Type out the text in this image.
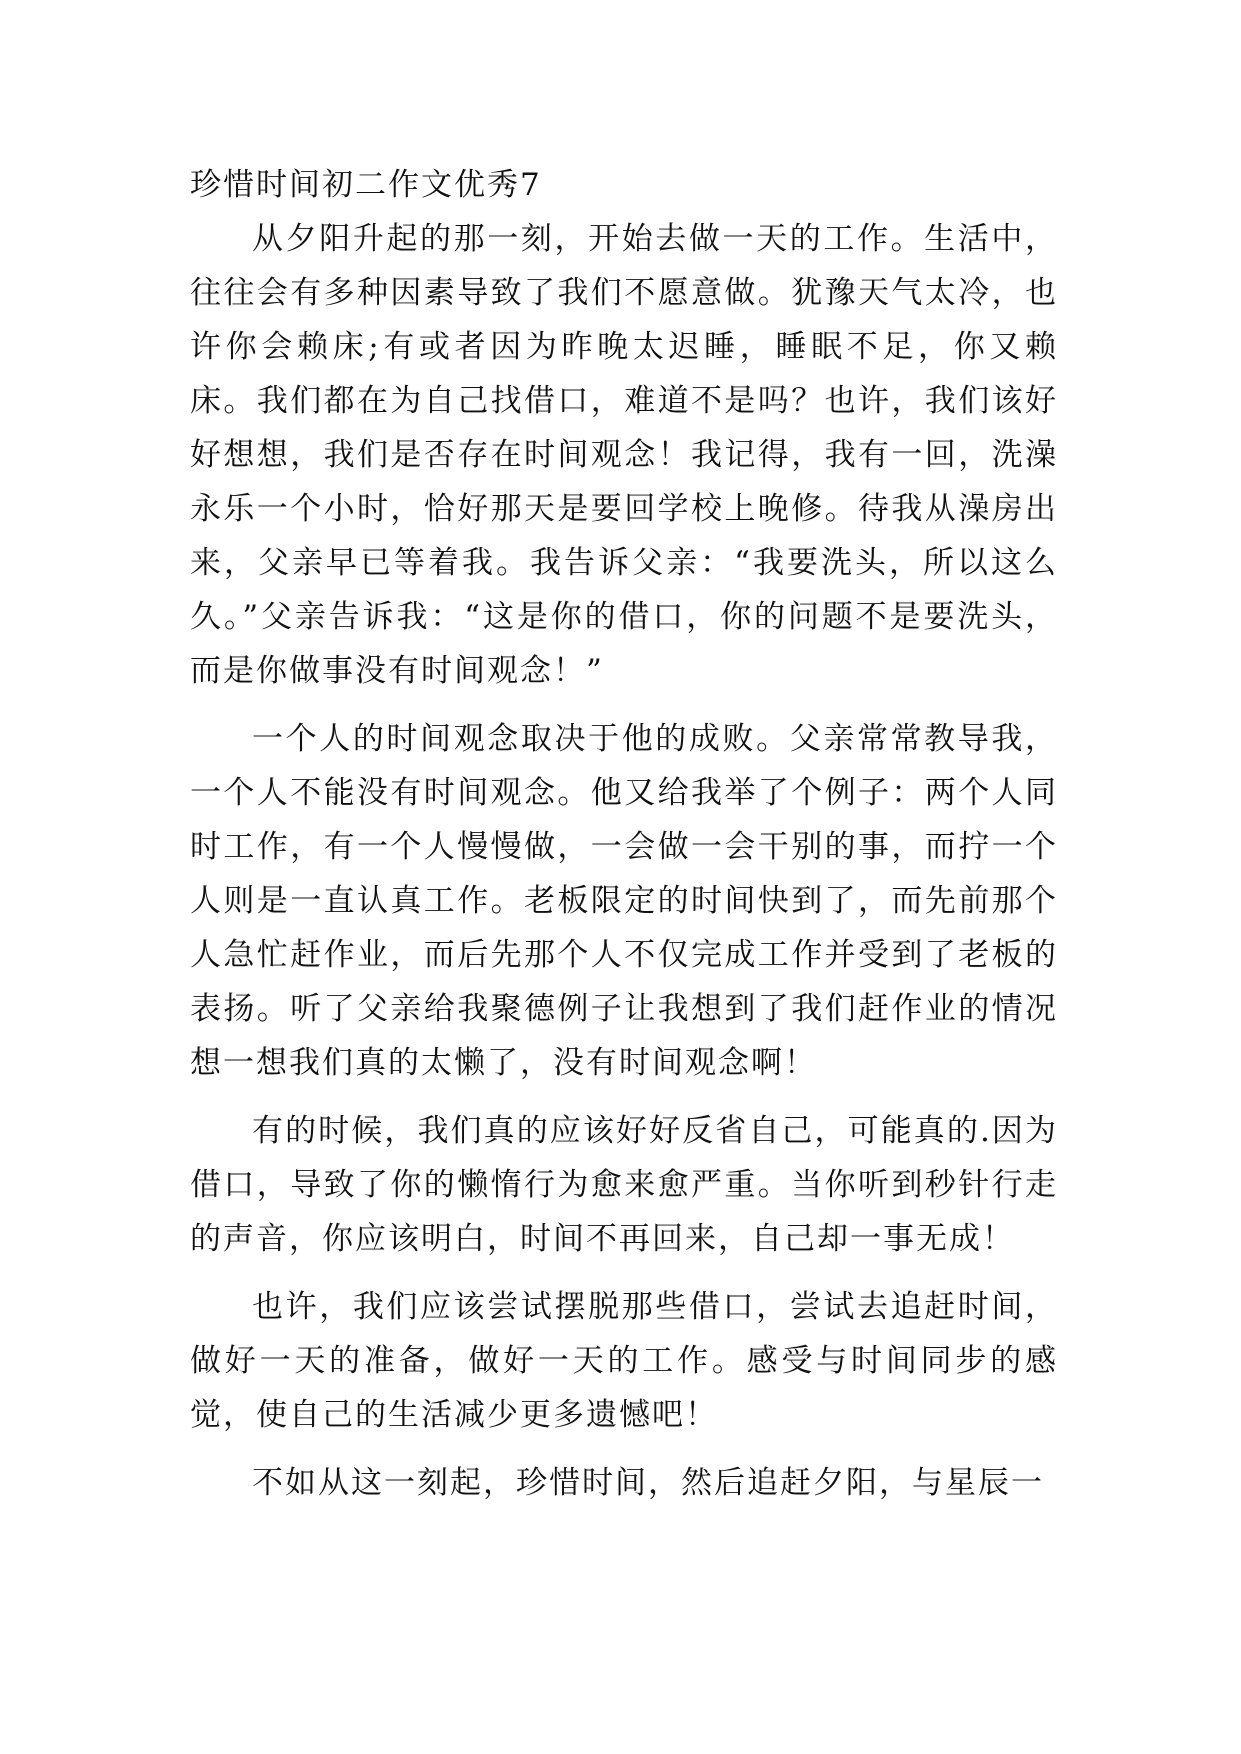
珍惜时间初二作文优秀7

从夕阳升起的那一刻，开始去做一天的工作。生活中，往往会有多种因素导致了我们不愿意做。犹豫天气太冷，也许你会赖床;有或者因为昨晚太迟睡，睡眠不足，你又赖床。我们都在为自己找借口，难道不是吗？也许，我们该好好想想，我们是否存在时间观念！我记得，我有一回，洗澡永乐一个小时，恰好那天是要回学校上晚修。待我从澡房出来，父亲早已等着我。我告诉父亲：“我要洗头，所以这么久。”父亲告诉我：“这是你的借口，你的问题不是要洗头，而是你做事没有时间观念！”

一个人的时间观念取决于他的成败。父亲常常教导我，一个人不能没有时间观念。他又给我举了个例子：两个人同时工作，有一个人慢慢做，一会做一会干别的事，而拧一个人则是一直认真工作。老板限定的时间快到了，而先前那个人急忙赶作业，而后先那个人不仅完成工作并受到了老板的表扬。听了父亲给我聚德例子让我想到了我们赶作业的情况想一想我们真的太懒了，没有时间观念啊！

有的时候，我们真的应该好好反省自己，可能真的.因为借口，导致了你的懒惰行为愈来愈严重。当你听到秒针行走的声音，你应该明白，时间不再回来，自己却一事无成！

也许，我们应该尝试摆脱那些借口，尝试去追赶时间，做好一天的准备，做好一天的工作。感受与时间同步的感觉，使自己的生活减少更多遗憾吧！

不如从这一刻起，珍惜时间，然后追赶夕阳，与星辰一
